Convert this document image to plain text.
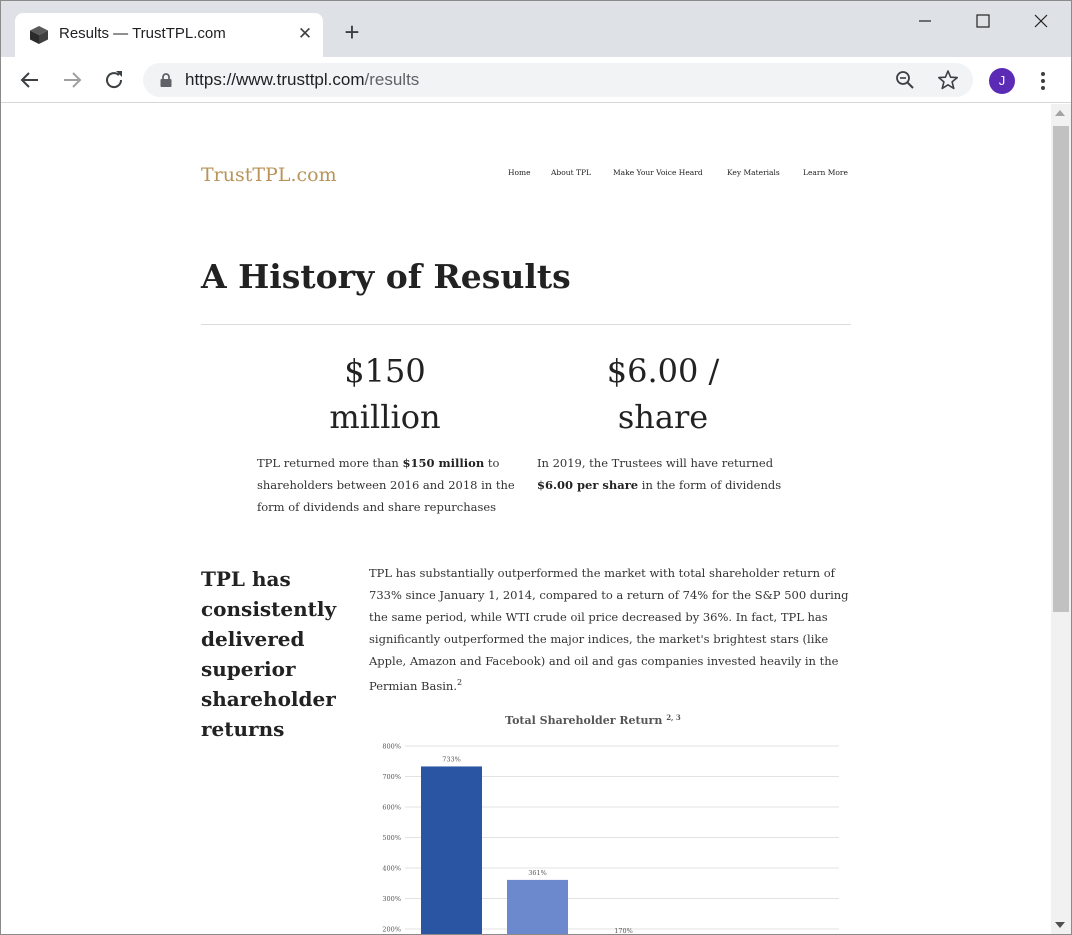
Results — TrustTPL.com	✕ +
https://www.trusttpl.com/results	J
TrustTPL.com	Home	About TPL	Make Your Voice Heard	Key Materials	Learn More
A History of Results
$150
million
$6.00 /
share

TPL returned more than $150 million to shareholders between 2016 and 2018 in the form of dividends and share repurchases

In 2019, the Trustees will have returned $6.00 per share in the form of dividends

TPL has consistently delivered superior shareholder returns

TPL has substantially outperformed the market with total shareholder return of 733% since January 1, 2014, compared to a return of 74% for the S&P 500 during the same period, while WTI crude oil price decreased by 36%. In fact, TPL has significantly outperformed the major indices, the market's brightest stars (like Apple, Amazon and Facebook) and oil and gas companies invested heavily in the Permian Basin.$^2$

Total Shareholder Return $^{2, 3}$
800%
700%
600%
500%
400%
300%
200%
733%
361%
170%
